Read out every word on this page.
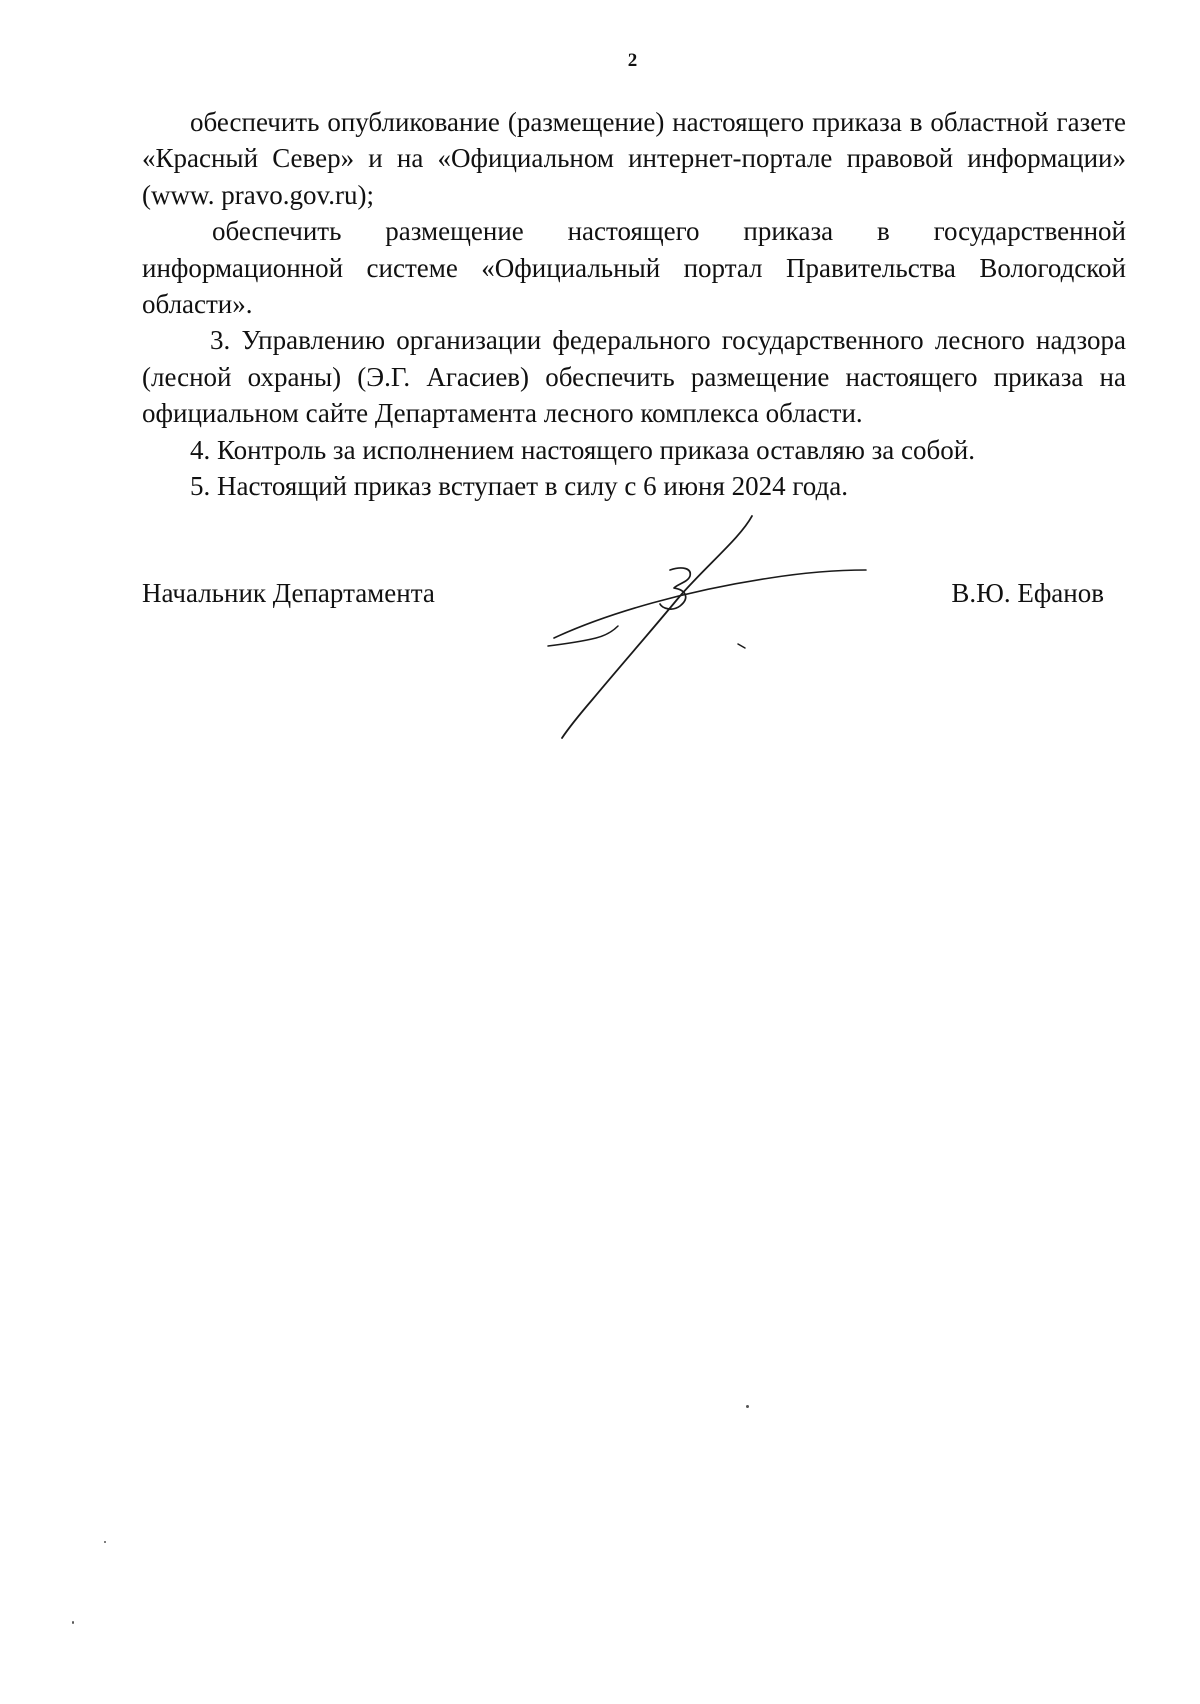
2

обеспечить опубликование (размещение) настоящего приказа в областной газете «Красный Север» и на «Официальном интернет-портале правовой информации» (www. pravo.gov.ru);

обеспечить размещение настоящего приказа в государственной информационной системе «Официальный портал Правительства Вологодской области».

3. Управлению организации федерального государственного лесного надзора (лесной охраны) (Э.Г. Агасиев) обеспечить размещение настоящего приказа на официальном сайте Департамента лесного комплекса области.

4. Контроль за исполнением настоящего приказа оставляю за собой.

5. Настоящий приказ вступает в силу с 6 июня 2024 года.

Начальник Департамента	В.Ю. Ефанов
